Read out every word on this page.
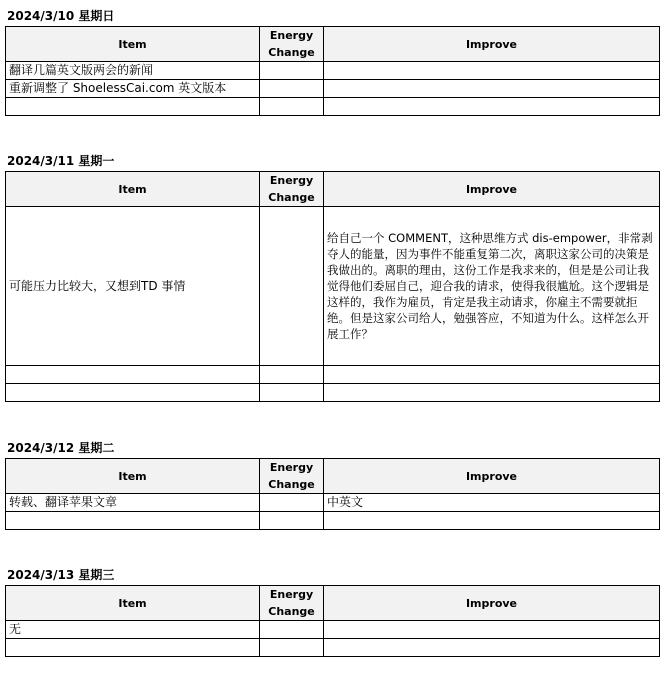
2024/3/10 星期日
Item	Energy Change	Improve
翻译几篇英文版两会的新闻		
重新调整了 ShoelessCai.com 英文版本		

2024/3/11 星期一
Item	Energy Change	Improve
可能压力比较大，又想到TD 事情		给自己一个 COMMENT，这种思维方式 dis-empower，非常剥夺人的能量，因为事件不能重复第二次，离职这家公司的决策是我做出的。离职的理由，这份工作是我求来的，但是是公司让我觉得他们委屈自己，迎合我的请求，使得我很尴尬。这个逻辑是这样的，我作为雇员，肯定是我主动请求，你雇主不需要就拒绝。但是这家公司给人，勉强答应，不知道为什么。这样怎么开展工作？

2024/3/12 星期二
Item	Energy Change	Improve
转载、翻译苹果文章		中英文

2024/3/13 星期三
Item	Energy Change	Improve
无		
